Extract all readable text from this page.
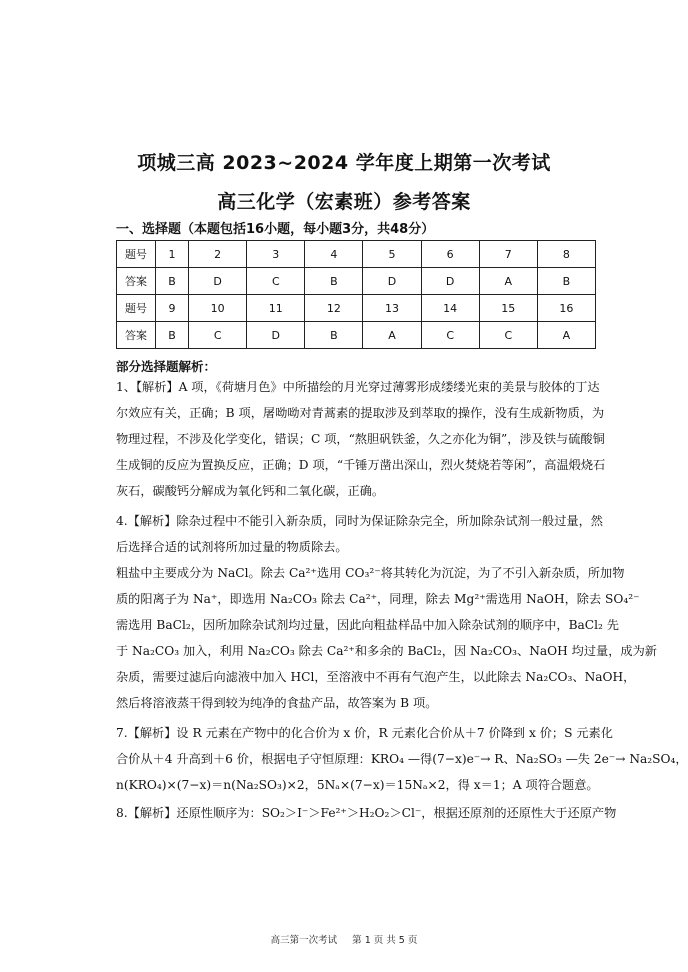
项城三高 2023~2024 学年度上期第一次考试
高三化学（宏素班）参考答案
一、选择题（本题包括16小题，每小题3分，共48分）
题号	1	2	3	4	5	6	7	8
答案	B	D	C	B	D	D	A	B
题号	9	10	11	12	13	14	15	16
答案	B	C	D	B	A	C	C	A
部分选择题解析：
1、【解析】A 项，《荷塘月色》中所描绘的月光穿过薄雾形成缕缕光束的美景与胶体的丁达
尔效应有关，正确；B 项，屠呦呦对青蒿素的提取涉及到萃取的操作，没有生成新物质，为
物理过程，不涉及化学变化，错误；C 项，“熬胆矾铁釜，久之亦化为铜”，涉及铁与硫酸铜
生成铜的反应为置换反应，正确；D 项，“千锤万凿出深山，烈火焚烧若等闲”，高温煅烧石
灰石，碳酸钙分解成为氧化钙和二氧化碳，正确。
4.【解析】除杂过程中不能引入新杂质，同时为保证除杂完全，所加除杂试剂一般过量，然
后选择合适的试剂将所加过量的物质除去。
粗盐中主要成分为 NaCl。除去 Ca²⁺选用 CO₃²⁻将其转化为沉淀，为了不引入新杂质，所加物
质的阳离子为 Na⁺，即选用 Na₂CO₃ 除去 Ca²⁺，同理，除去 Mg²⁺需选用 NaOH，除去 SO₄²⁻
需选用 BaCl₂，因所加除杂试剂均过量，因此向粗盐样品中加入除杂试剂的顺序中，BaCl₂ 先
于 Na₂CO₃ 加入，利用 Na₂CO₃ 除去 Ca²⁺和多余的 BaCl₂，因 Na₂CO₃、NaOH 均过量，成为新
杂质，需要过滤后向滤液中加入 HCl，至溶液中不再有气泡产生，以此除去 Na₂CO₃、NaOH，
然后将溶液蒸干得到较为纯净的食盐产品，故答案为 B 项。
7.【解析】设 R 元素在产物中的化合价为 x 价，R 元素化合价从＋7 价降到 x 价；S 元素化
合价从＋4 升高到＋6 价，根据电子守恒原理：KRO₄ —得(7−x)e⁻→ R、Na₂SO₃ —失 2e⁻→ Na₂SO₄，
n(KRO₄)×(7−x)＝n(Na₂SO₃)×2，5Nₐ×(7−x)＝15Nₐ×2，得 x＝1；A 项符合题意。
8.【解析】还原性顺序为：SO₂＞I⁻＞Fe²⁺＞H₂O₂＞Cl⁻，根据还原剂的还原性大于还原产物
高三第一次考试 第 1 页 共 5 页
